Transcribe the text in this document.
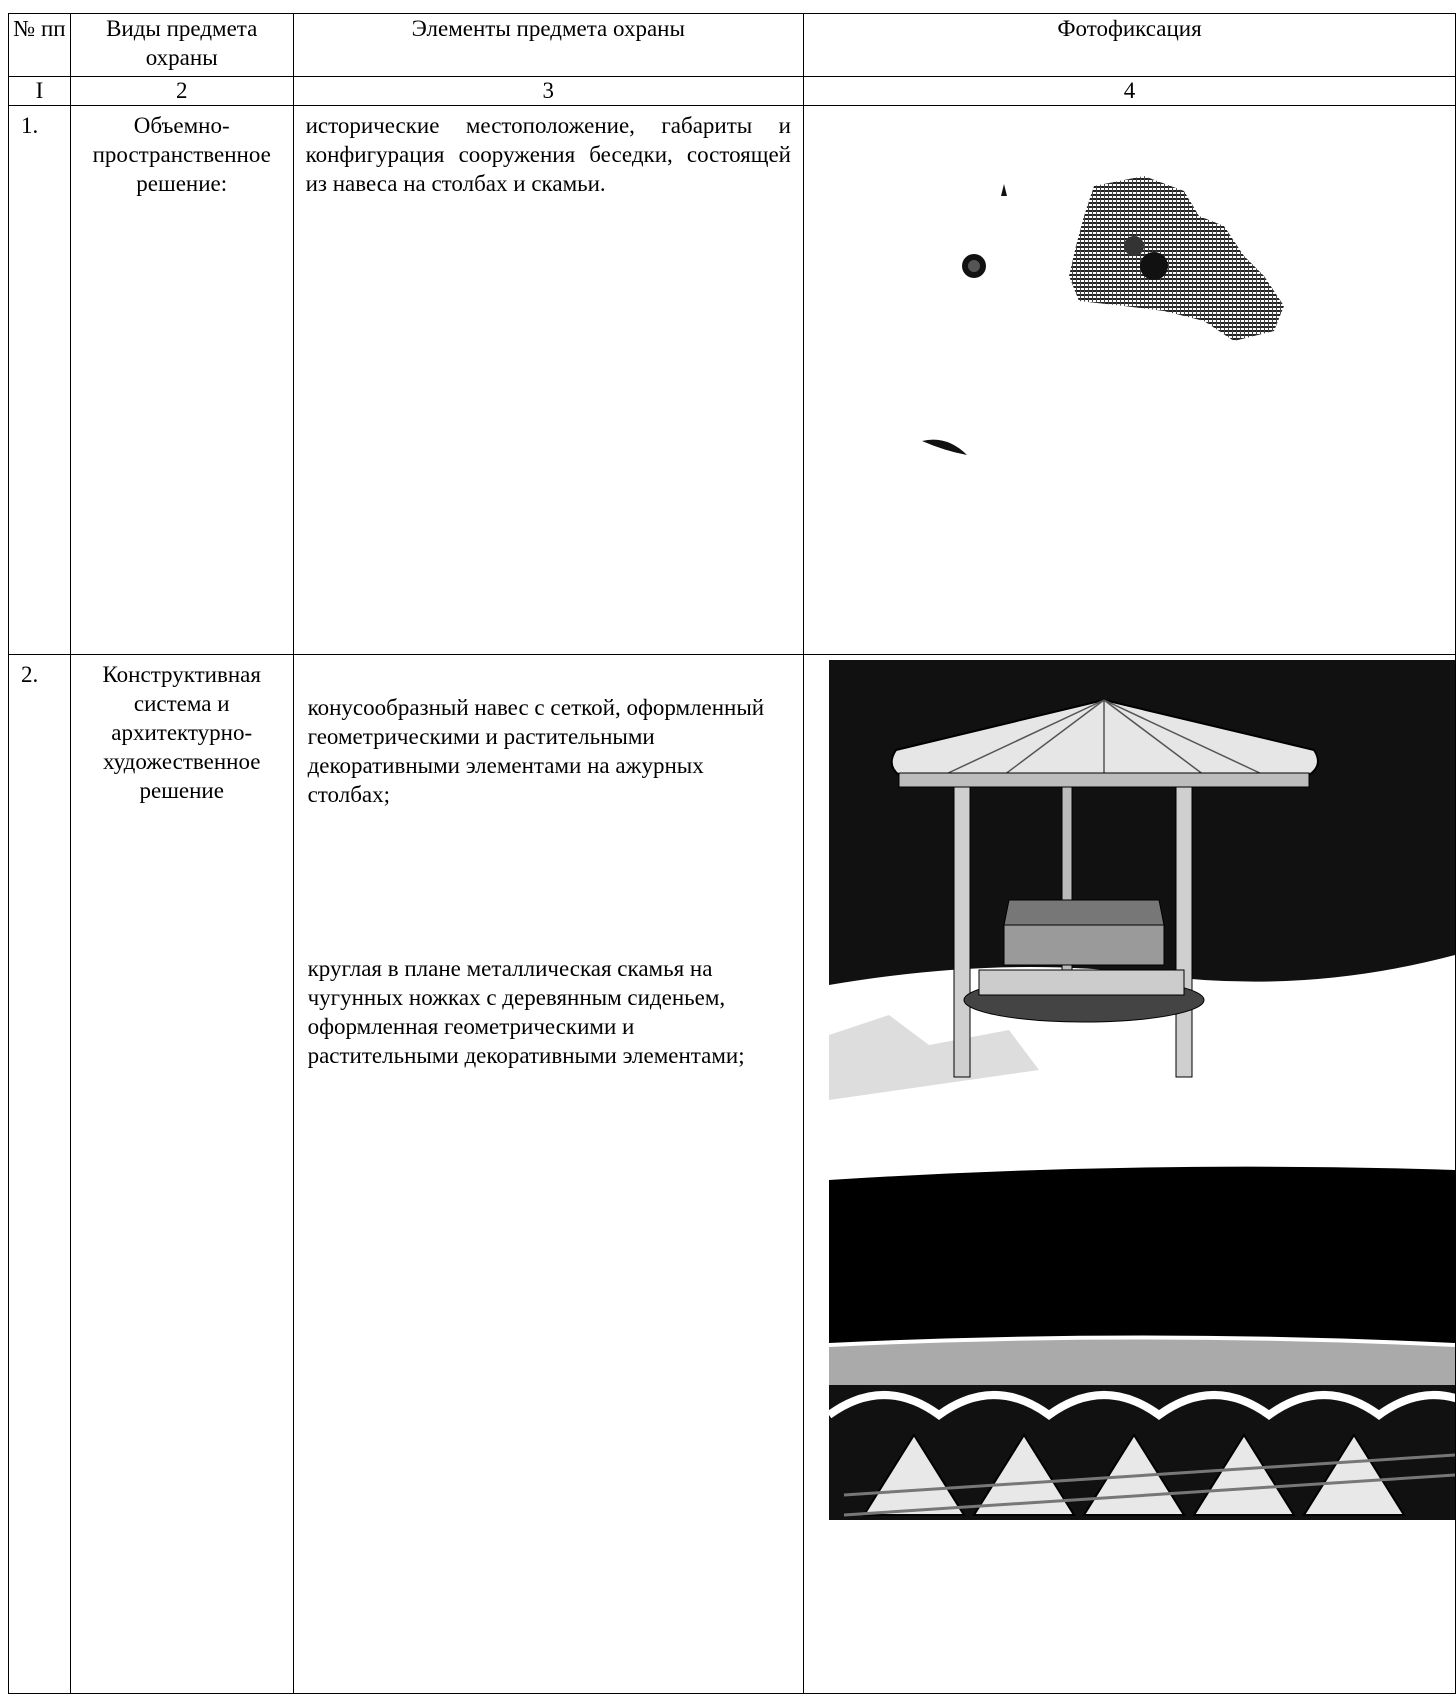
№ пп	Виды предмета охраны	Элементы предмета охраны	Фотофиксация
I	2	3	4
1.	Объемно-пространственное решение:	исторические местоположение, габариты и конфигурация сооружения беседки, состоящей из навеса на столбах и скамьи.	

2.	Конструктивная система и архитектурно-художественное решение	конусообразный навес с сеткой, оформленный геометрическими и растительными декоративными элементами на ажурных столбах;
круглая в плане металлическая скамья на чугунных ножках с деревянным сиденьем, оформленная геометрическими и растительными декоративными элементами;
